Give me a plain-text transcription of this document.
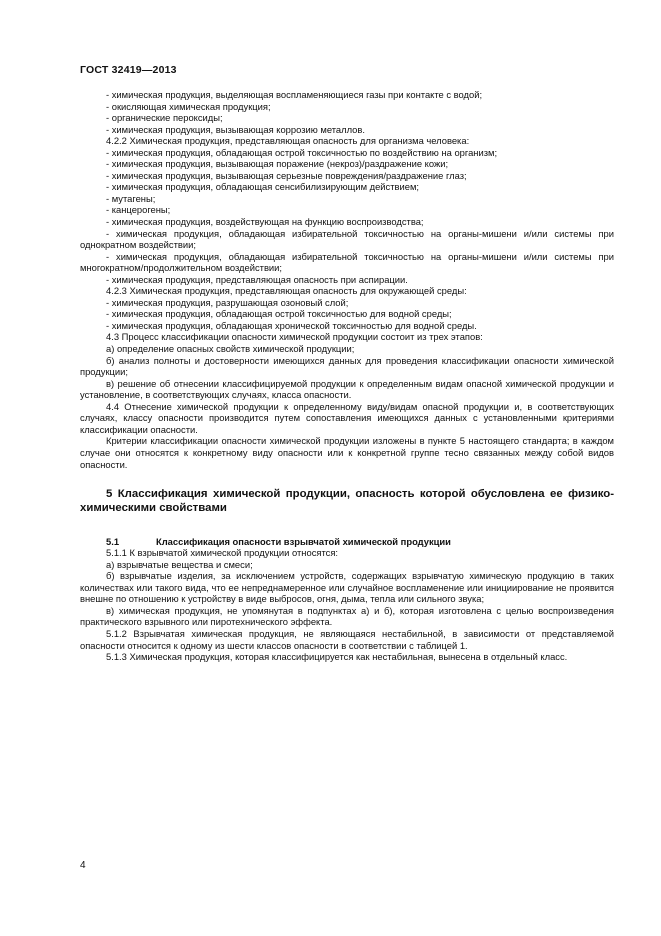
ГОСТ 32419—2013

- химическая продукция, выделяющая воспламеняющиеся газы при контакте с водой;

- окисляющая химическая продукция;

- органические пероксиды;

- химическая продукция, вызывающая коррозию металлов.

4.2.2 Химическая продукция, представляющая опасность для организма человека:

- химическая продукция, обладающая острой токсичностью по воздействию на организм;

- химическая продукция, вызывающая поражение (некроз)/раздражение кожи;

- химическая продукция, вызывающая серьезные повреждения/раздражение глаз;

- химическая продукция, обладающая сенсибилизирующим действием;

- мутагены;

- канцерогены;

- химическая продукция, воздействующая на функцию воспроизводства;

- химическая продукция, обладающая избирательной токсичностью на органы-мишени и/или системы при однократном воздействии;

- химическая продукция, обладающая избирательной токсичностью на органы-мишени и/или системы при многократном/продолжительном воздействии;

- химическая продукция, представляющая опасность при аспирации.

4.2.3 Химическая продукция, представляющая опасность для окружающей среды:

- химическая продукция, разрушающая озоновый слой;

- химическая продукция, обладающая острой токсичностью для водной среды;

- химическая продукция, обладающая хронической токсичностью для водной среды.

4.3 Процесс классификации опасности химической продукции состоит из трех этапов:

а) определение опасных свойств химической продукции;

б) анализ полноты и достоверности имеющихся данных для проведения классификации опасности химической продукции;

в) решение об отнесении классифицируемой продукции к определенным видам опасной химической продукции и установление, в соответствующих случаях, класса опасности.

4.4 Отнесение химической продукции к определенному виду/видам опасной продукции и, в соответствующих случаях, классу опасности производится путем сопоставления имеющихся данных с установленными критериями классификации опасности.

Критерии классификации опасности химической продукции изложены в пункте 5 настоящего стандарта; в каждом случае они относятся к конкретному виду опасности или к конкретной группе тесно связанных между собой видов опасности.

5 Классификация химической продукции, опасность которой обусловлена ее физико-химическими свойствами

5.1	Классификация опасности взрывчатой химической продукции

5.1.1 К взрывчатой химической продукции относятся:

а) взрывчатые вещества и смеси;

б) взрывчатые изделия, за исключением устройств, содержащих взрывчатую химическую продукцию в таких количествах или такого вида, что ее непреднамеренное или случайное воспламенение или инициирование не проявится внешне по отношению к устройству в виде выбросов, огня, дыма, тепла или сильного звука;

в) химическая продукция, не упомянутая в подпунктах а) и б), которая изготовлена с целью воспроизведения практического взрывного или пиротехнического эффекта.

5.1.2 Взрывчатая химическая продукция, не являющаяся нестабильной, в зависимости от представляемой опасности относится к одному из шести классов опасности в соответствии с таблицей 1.

5.1.3 Химическая продукция, которая классифицируется как нестабильная, вынесена в отдельный класс.

4
